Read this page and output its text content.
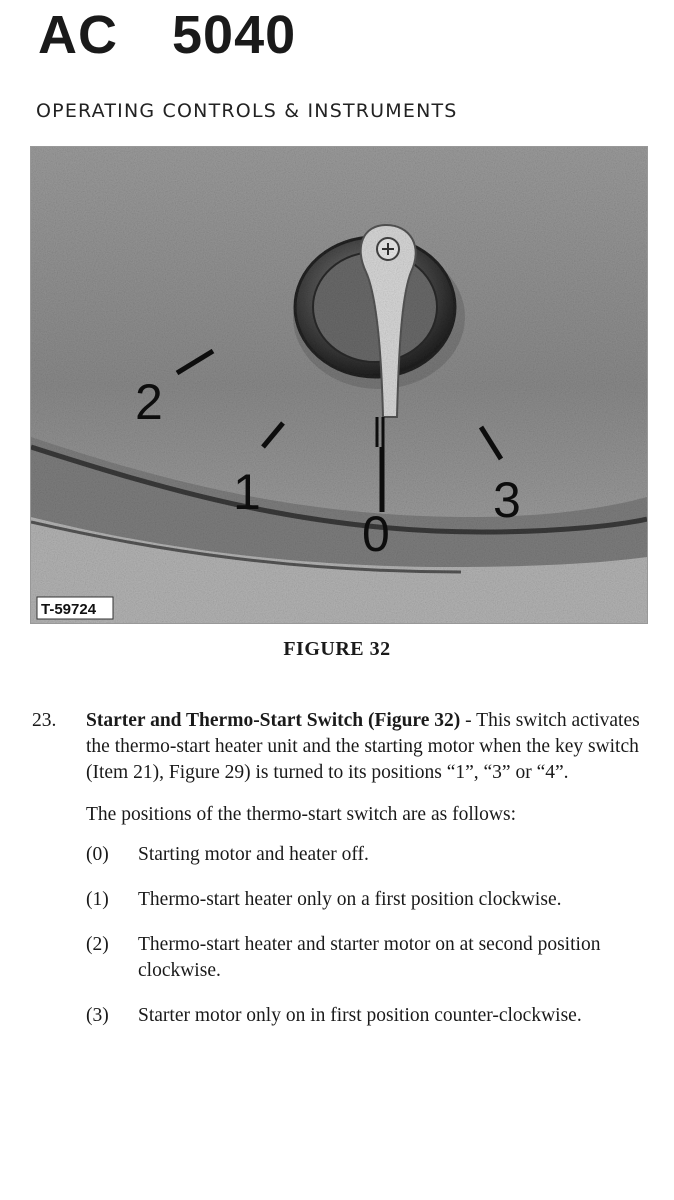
AC 5040
OPERATING CONTROLS & INSTRUMENTS
2
1
0
3
T-59724
FIGURE 32
23.	Starter and Thermo-Start Switch (Figure 32) - This switch activates the thermo-start heater unit and the starting motor when the key switch (Item 21), Figure 29) is turned to its positions “1”, “3” or “4”.

The positions of the thermo-start switch are as follows:

(0)	Starting motor and heater off.
(1)	Thermo-start heater only on a first position clockwise.
(2)	Thermo-start heater and starter motor on at second position clockwise.
(3)	Starter motor only on in first position counter-clockwise.
